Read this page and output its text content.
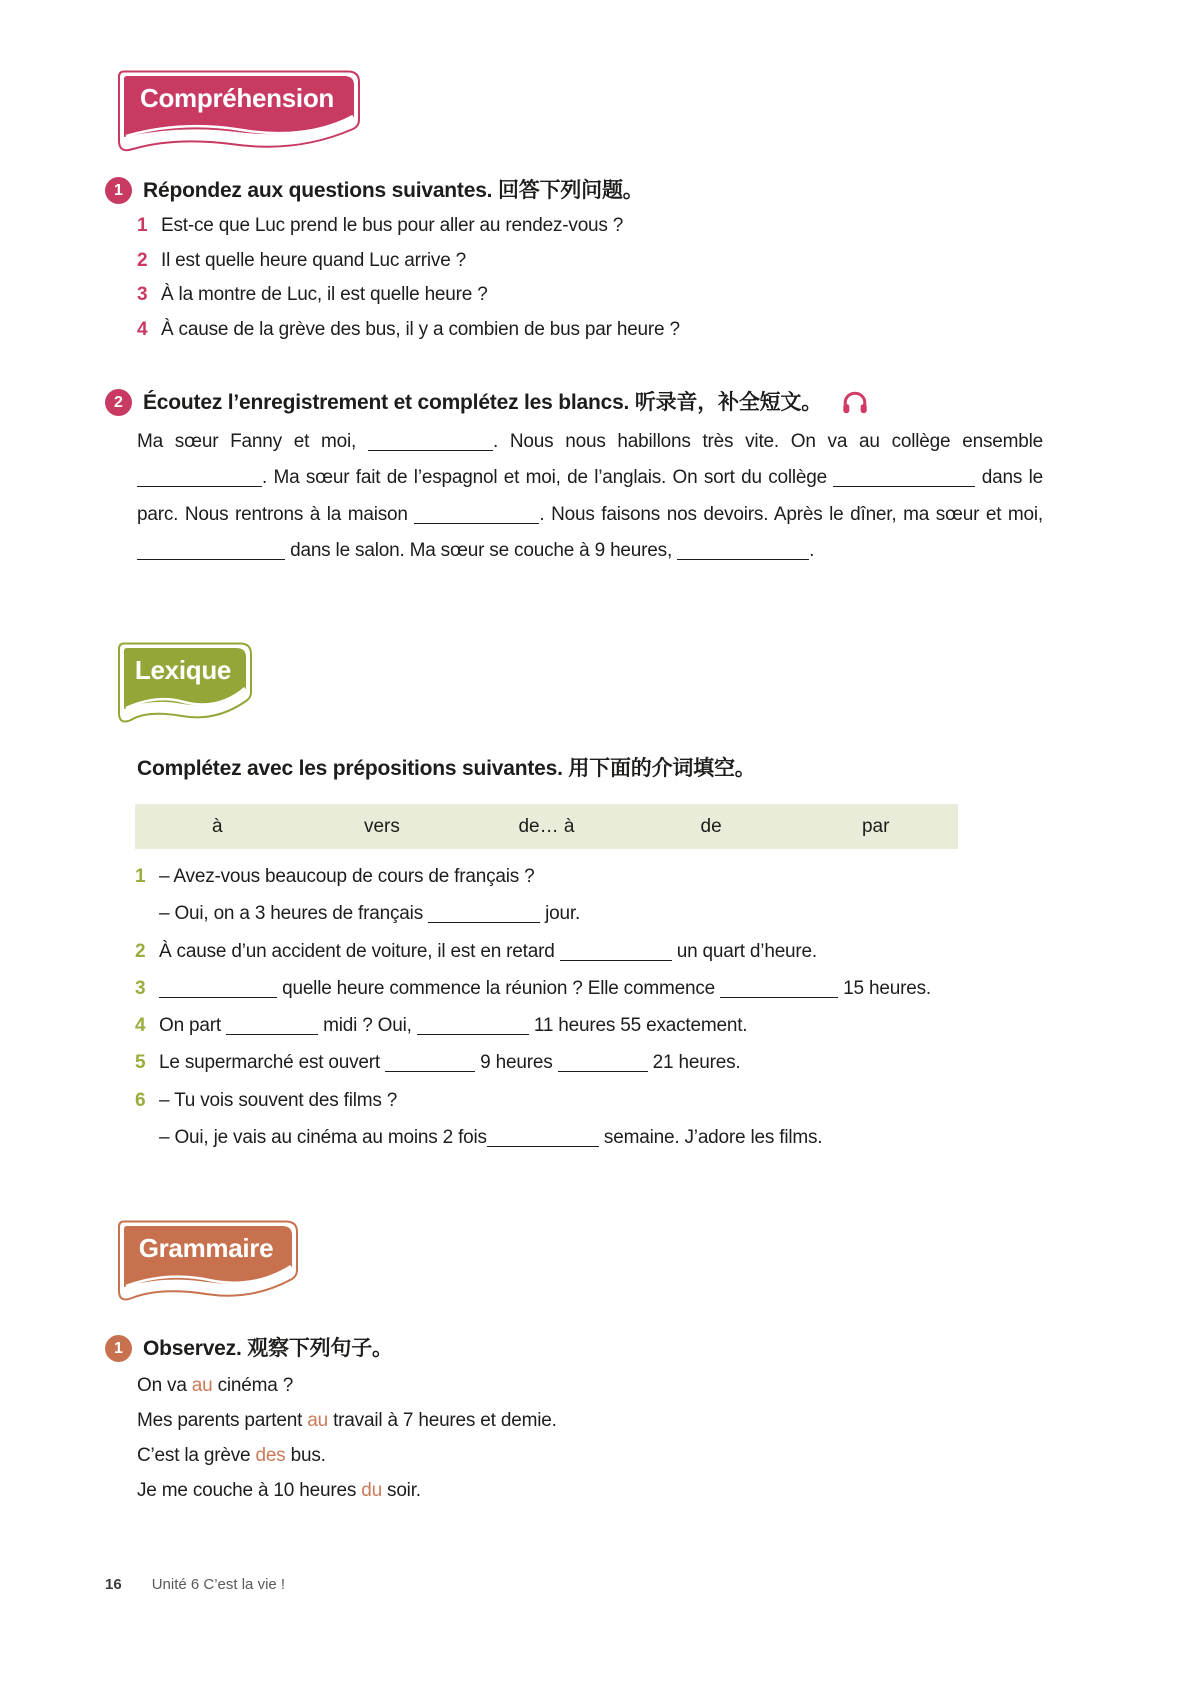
Compréhension
1 Répondez aux questions suivantes. 回答下列问题。
1 Est-ce que Luc prend le bus pour aller au rendez-vous ?
2 Il est quelle heure quand Luc arrive ?
3 À la montre de Luc, il est quelle heure ?
4 À cause de la grève des bus, il y a combien de bus par heure ?
2 Écoutez l’enregistrement et complétez les blancs. 听录音，补全短文。
Ma sœur Fanny et moi,	. Nous nous habillons très vite. On va au collège ensemble . Ma sœur fait de l’espagnol et moi, de l’anglais. On sort du collège	dans le parc. Nous rentrons à la maison	. Nous faisons nos devoirs. Après le dîner, ma sœur et moi,  dans le salon. Ma sœur se couche à 9 heures,	.
Lexique
Complétez avec les prépositions suivantes. 用下面的介词填空。
à	vers	de… à	de	par
1 – Avez-vous beaucoup de cours de français ?
– Oui, on a 3 heures de français	jour.
2 À cause d’un accident de voiture, il est en retard	un quart d’heure.
3	quelle heure commence la réunion ? Elle commence	15 heures.
4 On part	midi ? Oui,	11 heures 55 exactement.
5 Le supermarché est ouvert	9 heures	21 heures.
6 – Tu vois souvent des films ?
– Oui, je vais au cinéma au moins 2 fois	semaine. J’adore les films.
Grammaire
1 Observez. 观察下列句子。
On va au cinéma ?
Mes parents partent au travail à 7 heures et demie.
C’est la grève des bus.
Je me couche à 10 heures du soir.
16 Unité 6 C’est la vie !
